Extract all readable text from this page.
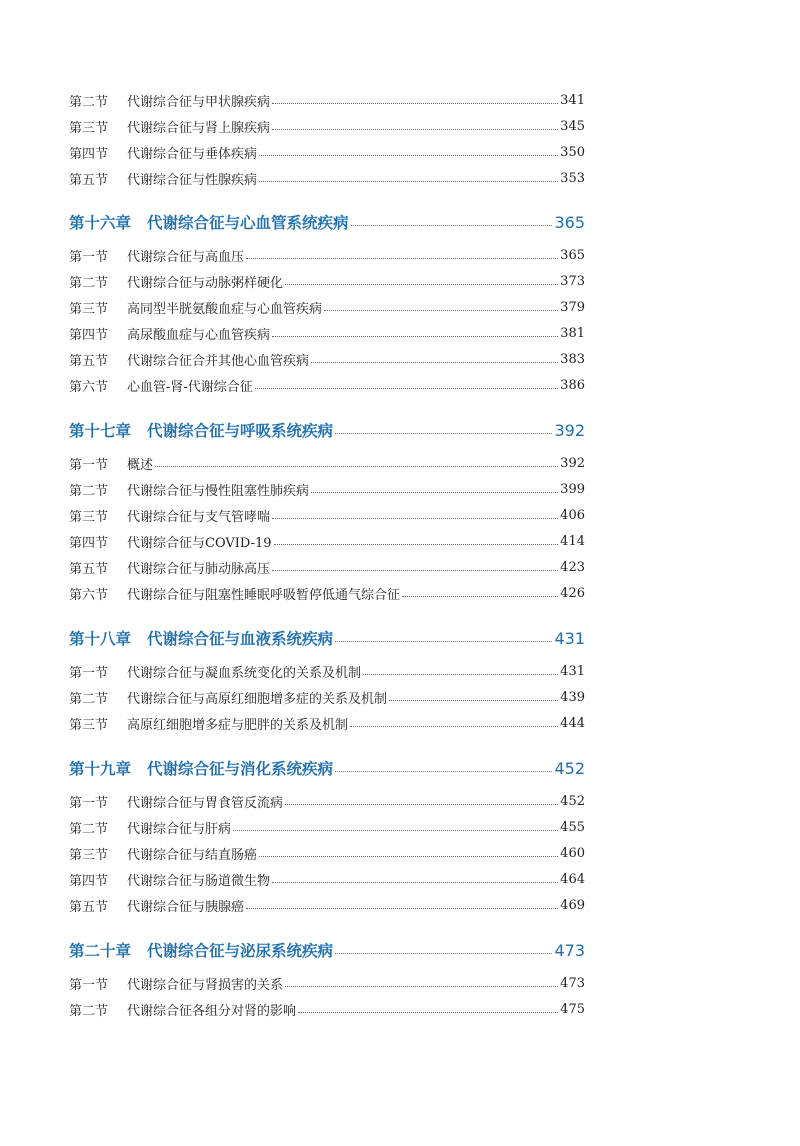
第二节	代谢综合征与甲状腺疾病	341
第三节	代谢综合征与肾上腺疾病	345
第四节	代谢综合征与垂体疾病	350
第五节	代谢综合征与性腺疾病	353
第十六章	代谢综合征与心血管系统疾病	365
第一节	代谢综合征与高血压	365
第二节	代谢综合征与动脉粥样硬化	373
第三节	高同型半胱氨酸血症与心血管疾病	379
第四节	高尿酸血症与心血管疾病	381
第五节	代谢综合征合并其他心血管疾病	383
第六节	心血管-肾-代谢综合征	386
第十七章	代谢综合征与呼吸系统疾病	392
第一节	概述	392
第二节	代谢综合征与慢性阻塞性肺疾病	399
第三节	代谢综合征与支气管哮喘	406
第四节	代谢综合征与COVID-19	414
第五节	代谢综合征与肺动脉高压	423
第六节	代谢综合征与阻塞性睡眠呼吸暂停低通气综合征	426
第十八章	代谢综合征与血液系统疾病	431
第一节	代谢综合征与凝血系统变化的关系及机制	431
第二节	代谢综合征与高原红细胞增多症的关系及机制	439
第三节	高原红细胞增多症与肥胖的关系及机制	444
第十九章	代谢综合征与消化系统疾病	452
第一节	代谢综合征与胃食管反流病	452
第二节	代谢综合征与肝病	455
第三节	代谢综合征与结直肠癌	460
第四节	代谢综合征与肠道微生物	464
第五节	代谢综合征与胰腺癌	469
第二十章	代谢综合征与泌尿系统疾病	473
第一节	代谢综合征与肾损害的关系	473
第二节	代谢综合征各组分对肾的影响	475
